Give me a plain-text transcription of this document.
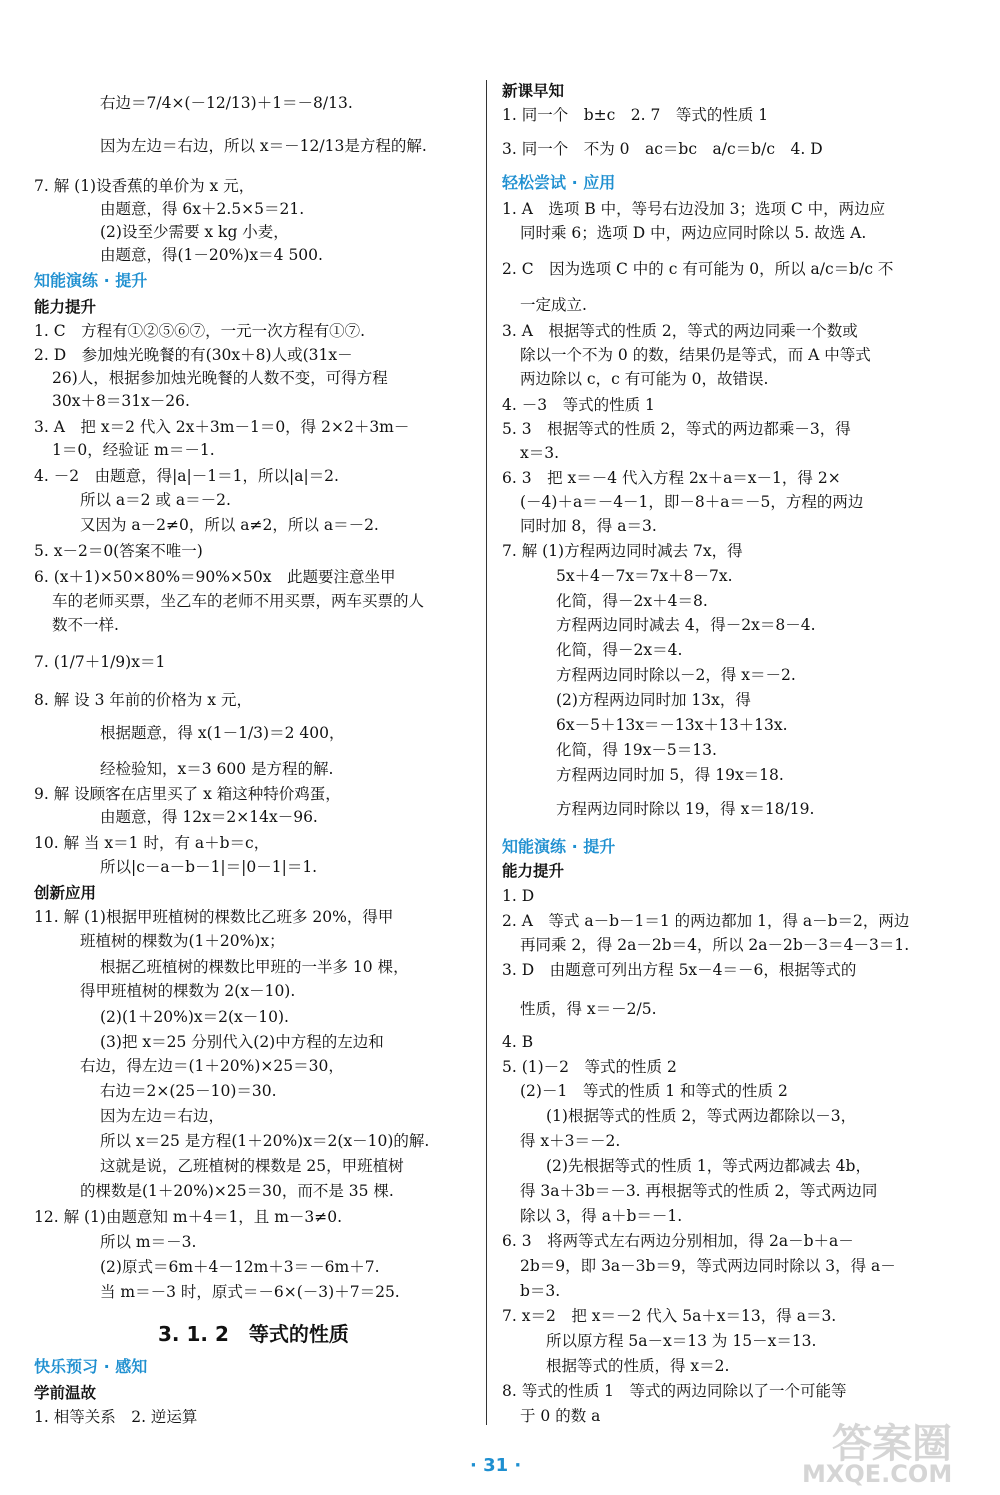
右边＝7/4×(－12/13)＋1＝－8/13.
因为左边＝右边，所以 x＝－12/13是方程的解.
7. 解 (1)设香蕉的单价为 x 元，
由题意，得 6x＋2.5×5＝21.
(2)设至少需要 x kg 小麦，
由题意，得(1－20%)x＝4 500.
知能演练 · 提升
能力提升
1. C　方程有①②⑤⑥⑦，一元一次方程有①⑦.
2. D　参加烛光晚餐的有(30x＋8)人或(31x－
26)人，根据参加烛光晚餐的人数不变，可得方程
30x＋8＝31x－26.
3. A　把 x＝2 代入 2x＋3m－1＝0，得 2×2＋3m－
1＝0，经验证 m＝－1.
4. －2　由题意，得|a|－1＝1，所以|a|＝2.
所以 a＝2 或 a＝－2.
又因为 a－2≠0，所以 a≠2，所以 a＝－2.
5. x－2＝0(答案不唯一)
6. (x＋1)×50×80%＝90%×50x　此题要注意坐甲
车的老师买票，坐乙车的老师不用买票，两车买票的人
数不一样.
7. (1/7＋1/9)x＝1
8. 解 设 3 年前的价格为 x 元，
根据题意，得 x(1－1/3)＝2 400，
经检验知，x＝3 600 是方程的解.
9. 解 设顾客在店里买了 x 箱这种特价鸡蛋，
由题意，得 12x＝2×14x－96.
10. 解 当 x＝1 时，有 a＋b＝c，
所以|c－a－b－1|＝|0－1|＝1.
创新应用
11. 解 (1)根据甲班植树的棵数比乙班多 20%，得甲
班植树的棵数为(1＋20%)x；
根据乙班植树的棵数比甲班的一半多 10 棵，
得甲班植树的棵数为 2(x－10).
(2)(1＋20%)x＝2(x－10).
(3)把 x＝25 分别代入(2)中方程的左边和
右边，得左边＝(1＋20%)×25＝30，
右边＝2×(25－10)＝30.
因为左边＝右边，
所以 x＝25 是方程(1＋20%)x＝2(x－10)的解.
这就是说，乙班植树的棵数是 25，甲班植树
的棵数是(1＋20%)×25＝30，而不是 35 棵.
12. 解 (1)由题意知 m＋4＝1，且 m－3≠0.
所以 m＝－3.
(2)原式＝6m＋4－12m＋3＝－6m＋7.
当 m＝－3 时，原式＝－6×(－3)＋7＝25.
快乐预习 · 感知
学前温故
1. 相等关系　2. 逆运算
新课早知
1. 同一个　b±c　2. 7　等式的性质 1
3. 同一个　不为 0　ac＝bc　a/c＝b/c　4. D
轻松尝试 · 应用
1. A　选项 B 中，等号右边没加 3；选项 C 中，两边应
同时乘 6；选项 D 中，两边应同时除以 5. 故选 A.
2. C　因为选项 C 中的 c 有可能为 0，所以 a/c＝b/c 不
一定成立.
3. A　根据等式的性质 2，等式的两边同乘一个数或
除以一个不为 0 的数，结果仍是等式，而 A 中等式
两边除以 c，c 有可能为 0，故错误.
4. －3　等式的性质 1
5. 3　根据等式的性质 2，等式的两边都乘－3，得
x＝3.
6. 3　把 x＝－4 代入方程 2x＋a＝x－1，得 2×
(－4)＋a＝－4－1，即－8＋a＝－5，方程的两边
同时加 8，得 a＝3.
7. 解 (1)方程两边同时减去 7x，得
5x＋4－7x＝7x＋8－7x.
化简，得－2x＋4＝8.
方程两边同时减去 4，得－2x＝8－4.
化简，得－2x＝4.
方程两边同时除以－2，得 x＝－2.
(2)方程两边同时加 13x，得
6x－5＋13x＝－13x＋13＋13x.
化简，得 19x－5＝13.
方程两边同时加 5，得 19x＝18.
方程两边同时除以 19，得 x＝18/19.
知能演练 · 提升
能力提升
1. D
2. A　等式 a－b－1＝1 的两边都加 1，得 a－b＝2，两边
再同乘 2，得 2a－2b＝4，所以 2a－2b－3＝4－3＝1.
3. D　由题意可列出方程 5x－4＝－6，根据等式的
性质，得 x＝－2/5.
4. B
5. (1)－2　等式的性质 2
(2)－1　等式的性质 1 和等式的性质 2
(1)根据等式的性质 2，等式两边都除以－3，
得 x＋3＝－2.
(2)先根据等式的性质 1，等式两边都减去 4b，
得 3a＋3b＝－3. 再根据等式的性质 2，等式两边同
除以 3，得 a＋b＝－1.
6. 3　将两等式左右两边分别相加，得 2a－b＋a－
2b＝9，即 3a－3b＝9，等式两边同时除以 3，得 a－
b＝3.
7. x＝2　把 x＝－2 代入 5a＋x＝13，得 a＝3.
所以原方程 5a－x＝13 为 15－x＝13.
根据等式的性质，得 x＝2.
8. 等式的性质 1　等式的两边同除以了一个可能等
于 0 的数 a
3. 1. 2　等式的性质
· 31 ·	答案圈
MXQE.COM
